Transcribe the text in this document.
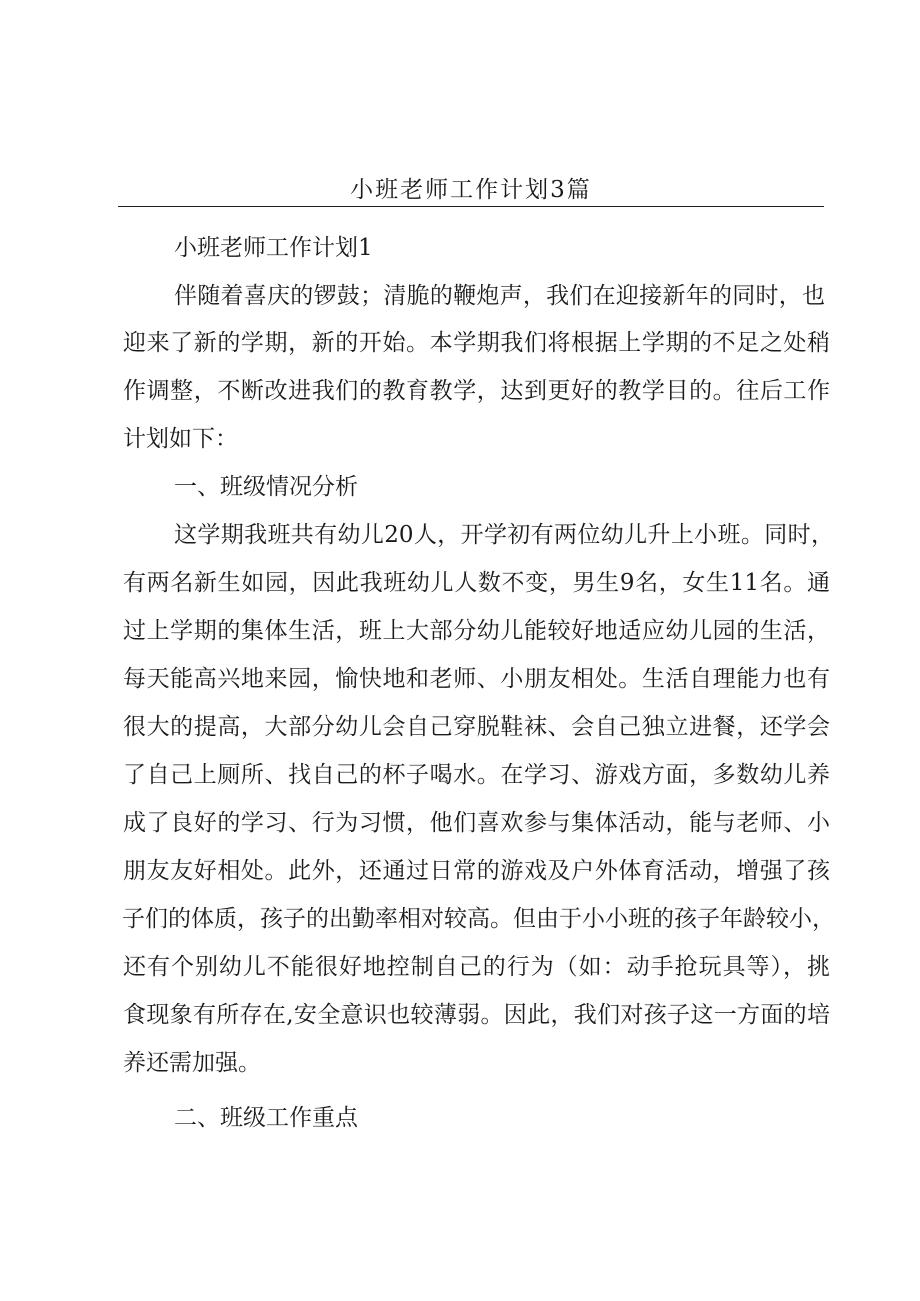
小班老师工作计划3篇
小班老师工作计划1
伴随着喜庆的锣鼓；清脆的鞭炮声，我们在迎接新年的同时，也
迎来了新的学期，新的开始。本学期我们将根据上学期的不足之处稍
作调整，不断改进我们的教育教学，达到更好的教学目的。往后工作
计划如下：
一、班级情况分析
这学期我班共有幼儿20人，开学初有两位幼儿升上小班。同时，
有两名新生如园，因此我班幼儿人数不变，男生9名，女生11名。通
过上学期的集体生活，班上大部分幼儿能较好地适应幼儿园的生活，
每天能高兴地来园，愉快地和老师、小朋友相处。生活自理能力也有
很大的提高，大部分幼儿会自己穿脱鞋袜、会自己独立进餐，还学会
了自己上厕所、找自己的杯子喝水。在学习、游戏方面，多数幼儿养
成了良好的学习、行为习惯，他们喜欢参与集体活动，能与老师、小
朋友友好相处。此外，还通过日常的游戏及户外体育活动，增强了孩
子们的体质，孩子的出勤率相对较高。但由于小小班的孩子年龄较小，
还有个别幼儿不能很好地控制自己的行为（如：动手抢玩具等），挑
食现象有所存在,安全意识也较薄弱。因此，我们对孩子这一方面的培
养还需加强。
二、班级工作重点
